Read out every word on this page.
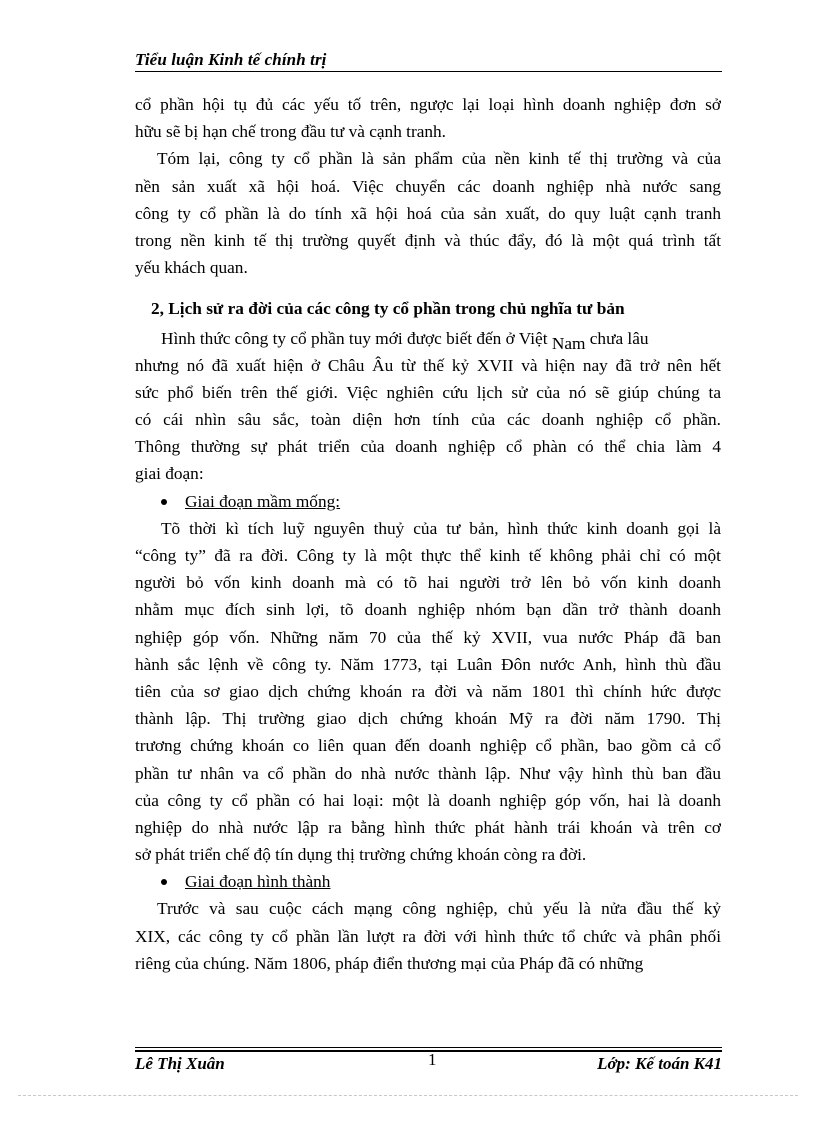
Tiểu luận Kinh tế chính trị
cổ phần hội tụ đủ các yếu tố trên, ngược lại loại hình doanh nghiệp đơn sở
hữu sẽ bị hạn chế trong đầu tư và cạnh tranh.
Tóm lại, công ty cổ phần là sản phẩm của nền kinh tế thị trường và của
nền sản xuất xã hội hoá. Việc chuyển các doanh nghiệp nhà nước sang
công ty cổ phần là do tính xã hội hoá của sản xuất, do quy luật cạnh tranh
trong nền kinh tế thị trường quyết định và thúc đẩy, đó là một quá trình tất
yếu khách quan.
2, Lịch sử ra đời của các công ty cổ phần trong chủ nghĩa tư bản
Hình thức công ty cổ phần tuy mới được biết đến ở Việt Nam chưa lâu
nhưng nó đã xuất hiện ở Châu Âu từ thế kỷ XVII và hiện nay đã trở nên hết
sức phổ biến trên thế giới. Việc nghiên cứu lịch sử của nó sẽ giúp chúng ta
có cái nhìn sâu sắc, toàn diện hơn tính của các doanh nghiệp cổ phần.
Thông thường sự phát triển của doanh nghiệp cổ phàn có thể chia làm 4
giai đoạn:
Giai đoạn mầm mống:
Tõ thời kì tích luỹ nguyên thuỷ của tư bản, hình thức kinh doanh gọi là
“công ty” đã ra đời. Công ty là một thực thể kinh tế không phải chỉ có một
người bỏ vốn kinh doanh mà có tõ hai người trở lên bỏ vốn kinh doanh
nhằm mục đích sinh lợi, tõ doanh nghiệp nhóm bạn dần trở thành doanh
nghiệp góp vốn. Những năm 70 của thế kỷ XVII, vua nước Pháp đã ban
hành sắc lệnh về công ty. Năm 1773, tại Luân Đôn nước Anh, hình thù đầu
tiên của sơ giao dịch chứng khoán ra đời và năm 1801 thì chính hức được
thành lập. Thị trường giao dịch chứng khoán Mỹ ra đời năm 1790. Thị
trương chứng khoán co liên quan đến doanh nghiệp cổ phần, bao gồm cả cổ
phần tư nhân va cổ phần do nhà nước thành lập. Như vậy hình thù ban đầu
của công ty cổ phần có hai loại: một là doanh nghiệp góp vốn, hai là doanh
nghiệp do nhà nước lập ra bằng hình thức phát hành trái khoán và trên cơ
sở phát triển chế độ tín dụng thị trường chứng khoán còng ra đời.
Giai đoạn hình thành
Trước và sau cuộc cách mạng công nghiệp, chủ yếu là nửa đầu thế kỷ
XIX, các công ty cổ phần lần lượt ra đời với hình thức tổ chức và phân phối
riêng của chúng. Năm 1806, pháp điển thương mại của Pháp đã có những
Lê Thị Xuân	1	Lớp: Kế toán K41
